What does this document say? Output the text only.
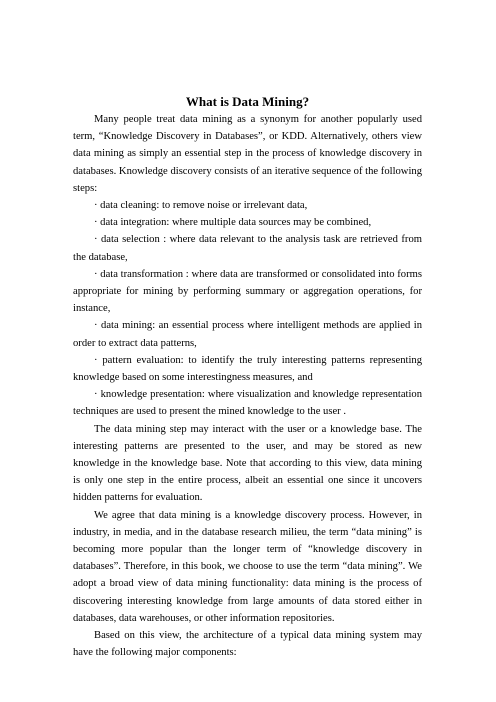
What is Data Mining?

Many people treat data mining as a synonym for another popularly used term, “Knowledge Discovery in Databases”, or KDD. Alternatively, others view data mining as simply an essential step in the process of knowledge discovery in databases. Knowledge discovery consists of an iterative sequence of the following steps:

· data cleaning: to remove noise or irrelevant data,

· data integration: where multiple data sources may be combined,

· data selection : where data relevant to the analysis task are retrieved from the database,

· data transformation : where data are transformed or consolidated into forms appropriate for mining by performing summary or aggregation operations, for instance,

· data mining: an essential process where intelligent methods are applied in order to extract data patterns,

· pattern evaluation: to identify the truly interesting patterns representing knowledge based on some interestingness measures, and

· knowledge presentation: where visualization and knowledge representation techniques are used to present the mined knowledge to the user .

The data mining step may interact with the user or a knowledge base. The interesting patterns are presented to the user, and may be stored as new knowledge in the knowledge base. Note that according to this view, data mining is only one step in the entire process, albeit an essential one since it uncovers hidden patterns for evaluation.

We agree that data mining is a knowledge discovery process. However, in industry, in media, and in the database research milieu, the term “data mining” is becoming more popular than the longer term of “knowledge discovery in databases”. Therefore, in this book, we choose to use the term “data mining”. We adopt a broad view of data mining functionality: data mining is the process of discovering interesting knowledge from large amounts of data stored either in databases, data warehouses, or other information repositories.

Based on this view, the architecture of a typical data mining system may have the following major components:
